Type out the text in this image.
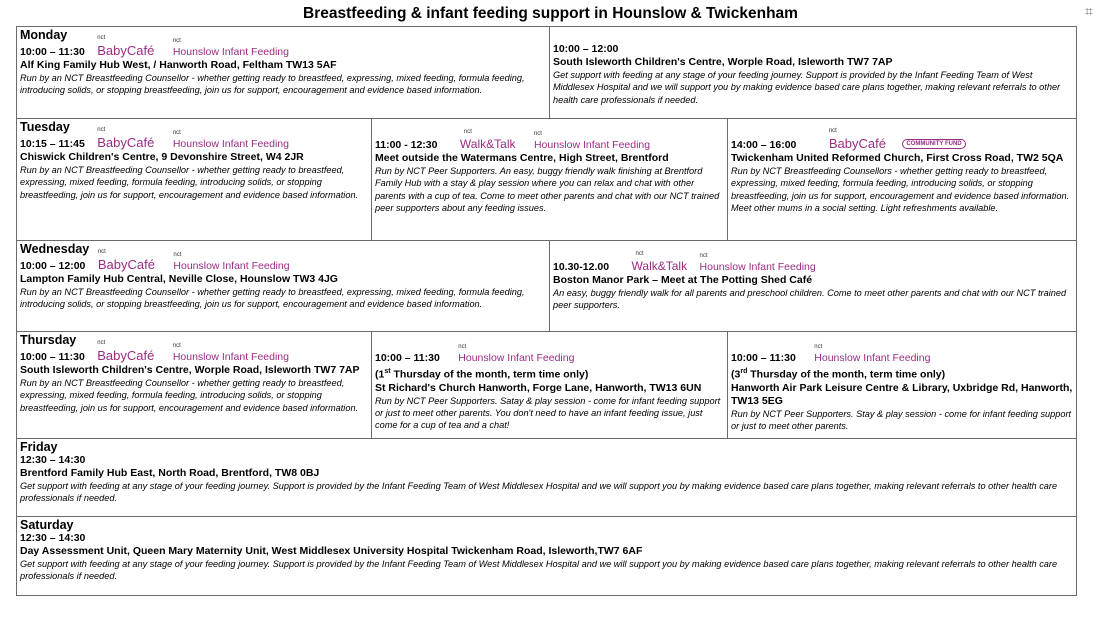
Breastfeeding & infant feeding support in Hounslow & Twickenham	⌗
Monday
10:00 – 11:30
nct
BabyCafé
nct
Hounslow Infant Feeding
Alf King Family Hub West, / Hanworth Road, Feltham TW13 5AF
Run by an NCT Breastfeeding Counsellor - whether getting ready to breastfeed, expressing, mixed feeding, formula feeding, introducing solids, or stopping breastfeeding, join us for support, encouragement and evidence based information.
10:00 – 12:00
South Isleworth Children's Centre, Worple Road, Isleworth TW7 7AP
Get support with feeding at any stage of your feeding journey. Support is provided by the Infant Feeding Team of West Middlesex Hospital and we will support you by making evidence based care plans together, making relevant referrals to other health care professionals if needed.
Tuesday
10:15 – 11:45
nct
BabyCafé
nct
Hounslow Infant Feeding
Chiswick Children's Centre, 9 Devonshire Street, W4 2JR
Run by an NCT Breastfeeding Counsellor - whether getting ready to breastfeed, expressing, mixed feeding, formula feeding, introducing solids, or stopping breastfeeding, join us for support, encouragement and evidence based information.
11:00 - 12:30
nct
Walk&Talk
nct
Hounslow Infant Feeding
Meet outside the Watermans Centre, High Street, Brentford
Run by NCT Peer Supporters. An easy, buggy friendly walk finishing at Brentford Family Hub with a stay & play session where you can relax and chat with other parents with a cup of tea. Come to meet other parents and chat with our NCT trained peer supporters about any feeding issues.
14:00 – 16:00
nct
BabyCafé	COMMUNITY FUND
Twickenham United Reformed Church, First Cross Road, TW2 5QA
Run by NCT Breastfeeding Counsellors - whether getting ready to breastfeed, expressing, mixed feeding, formula feeding, introducing solids, or stopping breastfeeding, join us for support, encouragement and evidence based information. Meet other mums in a social setting. Light refreshments available.
Wednesday
10:00 – 12:00
nct
BabyCafé
nct
Hounslow Infant Feeding
Lampton Family Hub Central, Neville Close, Hounslow TW3 4JG
Run by an NCT Breastfeeding Counsellor - whether getting ready to breastfeed, expressing, mixed feeding, formula feeding, introducing solids, or stopping breastfeeding, join us for support, encouragement and evidence based information.
10.30-12.00
nct
Walk&Talk
nct
Hounslow Infant Feeding
Boston Manor Park – Meet at The Potting Shed Café
An easy, buggy friendly walk for all parents and preschool children. Come to meet other parents and chat with our NCT trained peer supporters.
Thursday
10:00 – 11:30
nct
BabyCafé
nct
Hounslow Infant Feeding
South Isleworth Children's Centre, Worple Road, Isleworth TW7 7AP
Run by an NCT Breastfeeding Counsellor - whether getting ready to breastfeed, expressing, mixed feeding, formula feeding, introducing solids, or stopping breastfeeding, join us for support, encouragement and evidence based information.
10:00 – 11:30
nct
Hounslow Infant Feeding
(1st Thursday of the month, term time only)
St Richard's Church Hanworth, Forge Lane, Hanworth, TW13 6UN
Run by NCT Peer Supporters. Satay & play session - come for infant feeding support or just to meet other parents. You don't need to have an infant feeding issue, just come for a cup of tea and a chat!
10:00 – 11:30
nct
Hounslow Infant Feeding
(3rd Thursday of the month, term time only)
Hanworth Air Park Leisure Centre & Library, Uxbridge Rd, Hanworth, TW13 5EG
Run by NCT Peer Supporters. Stay & play session - come for infant feeding support or just to meet other parents.
Friday
12:30 – 14:30
Brentford Family Hub East, North Road, Brentford, TW8 0BJ
Get support with feeding at any stage of your feeding journey. Support is provided by the Infant Feeding Team of West Middlesex Hospital and we will support you by making evidence based care plans together, making relevant referrals to other health care professionals if needed.
Saturday
12:30 – 14:30
Day Assessment Unit, Queen Mary Maternity Unit, West Middlesex University Hospital Twickenham Road, Isleworth,TW7 6AF
Get support with feeding at any stage of your feeding journey. Support is provided by the Infant Feeding Team of West Middlesex Hospital and we will support you by making evidence based care plans together, making relevant referrals to other health care professionals if needed.
